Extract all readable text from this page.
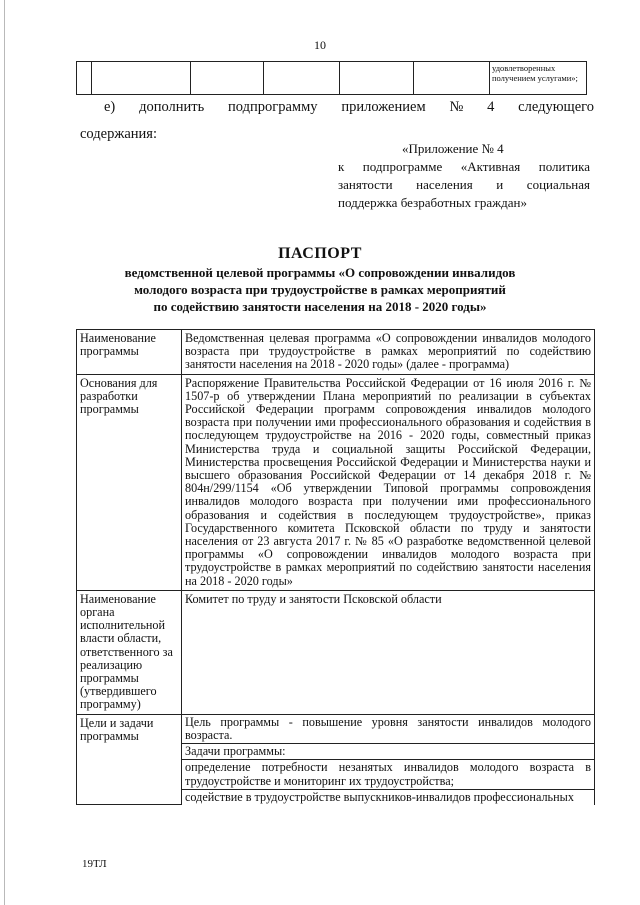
10
						удовлетворенных получением услугами»;
е) дополнить подпрограмму приложением № 4 следующего
содержания:
«Приложение № 4
к подпрограмме «Активная политика занятости населения и социальная
поддержка безработных граждан»
ПАСПОРТ
ведомственной целевой программы «О сопровождении инвалидов
молодого возраста при трудоустройстве в рамках мероприятий
по содействию занятости населения на 2018 - 2020 годы»
Наименование программы	Ведомственная целевая программа «О сопровождении инвалидов молодого возраста при трудоустройстве в рамках мероприятий по содействию занятости населения на 2018 - 2020 годы» (далее - программа)
Основания для разработки программы	Распоряжение Правительства Российской Федерации от 16 июля 2016 г. № 1507-р об утверждении Плана мероприятий по реализации в субъектах Российской Федерации программ сопровождения инвалидов молодого возраста при получении ими профессионального образования и содействия в последующем трудоустройстве на 2016 - 2020 годы, совместный приказ Министерства труда и социальной защиты Российской Федерации, Министерства просвещения Российской Федерации и Министерства науки и высшего образования Российской Федерации от 14 декабря 2018 г. № 804н/299/1154 «Об утверждении Типовой программы сопровождения инвалидов молодого возраста при получении ими профессионального образования и содействия в последующем трудоустройстве», приказ Государственного комитета Псковской области по труду и занятости населения от 23 августа 2017 г. № 85 «О разработке ведомственной целевой программы «О сопровождении инвалидов молодого возраста при трудоустройстве в рамках мероприятий по содействию занятости населения на 2018 - 2020 годы»
Наименование органа исполнительной власти области, ответственного за реализацию программы (утвердившего программу)	Комитет по труду и занятости Псковской области
Цели и задачи программы	Цель программы - повышение уровня занятости инвалидов молодого возраста.
	Задачи программы:
	определение потребности незанятых инвалидов молодого возраста в трудоустройстве и мониторинг их трудоустройства;
	содействие в трудоустройстве выпускников-инвалидов профессиональных
19ТЛ
